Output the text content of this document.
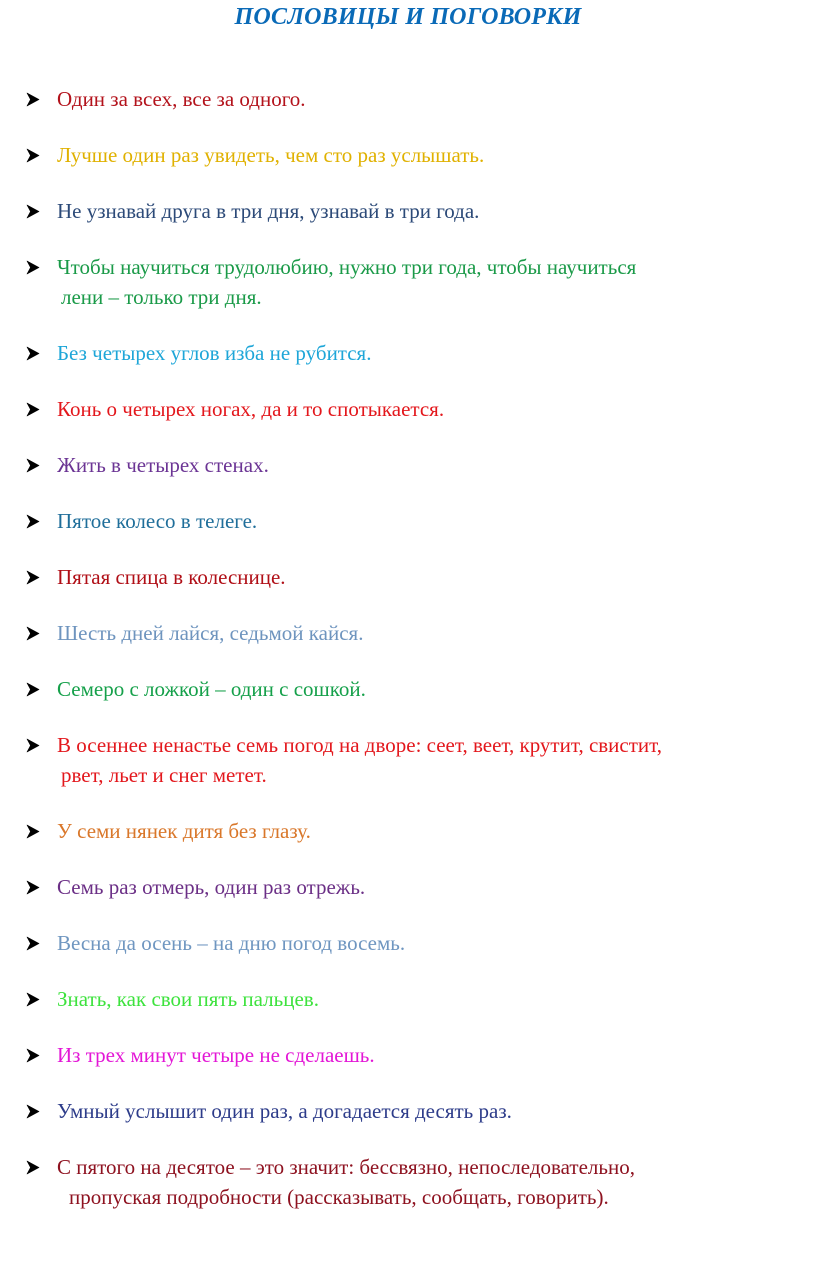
ПОСЛОВИЦЫ И ПОГОВОРКИ
Один за всех, все за одного.
Лучше один раз увидеть, чем сто раз услышать.
Не узнавай друга в три дня, узнавай в три года.
Чтобы научиться трудолюбию, нужно три года, чтобы научиться
лени – только три дня.
Без четырех углов изба не рубится.
Конь о четырех ногах, да и то спотыкается.
Жить в четырех стенах.
Пятое колесо в телеге.
Пятая спица в колеснице.
Шесть дней лайся, седьмой кайся.
Семеро с ложкой – один с сошкой.
В осеннее ненастье семь погод на дворе: сеет, веет, крутит, свистит,
рвет, льет и снег метет.
У семи нянек дитя без глазу.
Семь раз отмерь, один раз отрежь.
Весна да осень – на дню погод восемь.
Знать, как свои пять пальцев.
Из трех минут четыре не сделаешь.
Умный услышит один раз, а догадается десять раз.
С пятого на десятое – это значит: бессвязно, непоследовательно,
пропуская подробности (рассказывать, сообщать, говорить).
